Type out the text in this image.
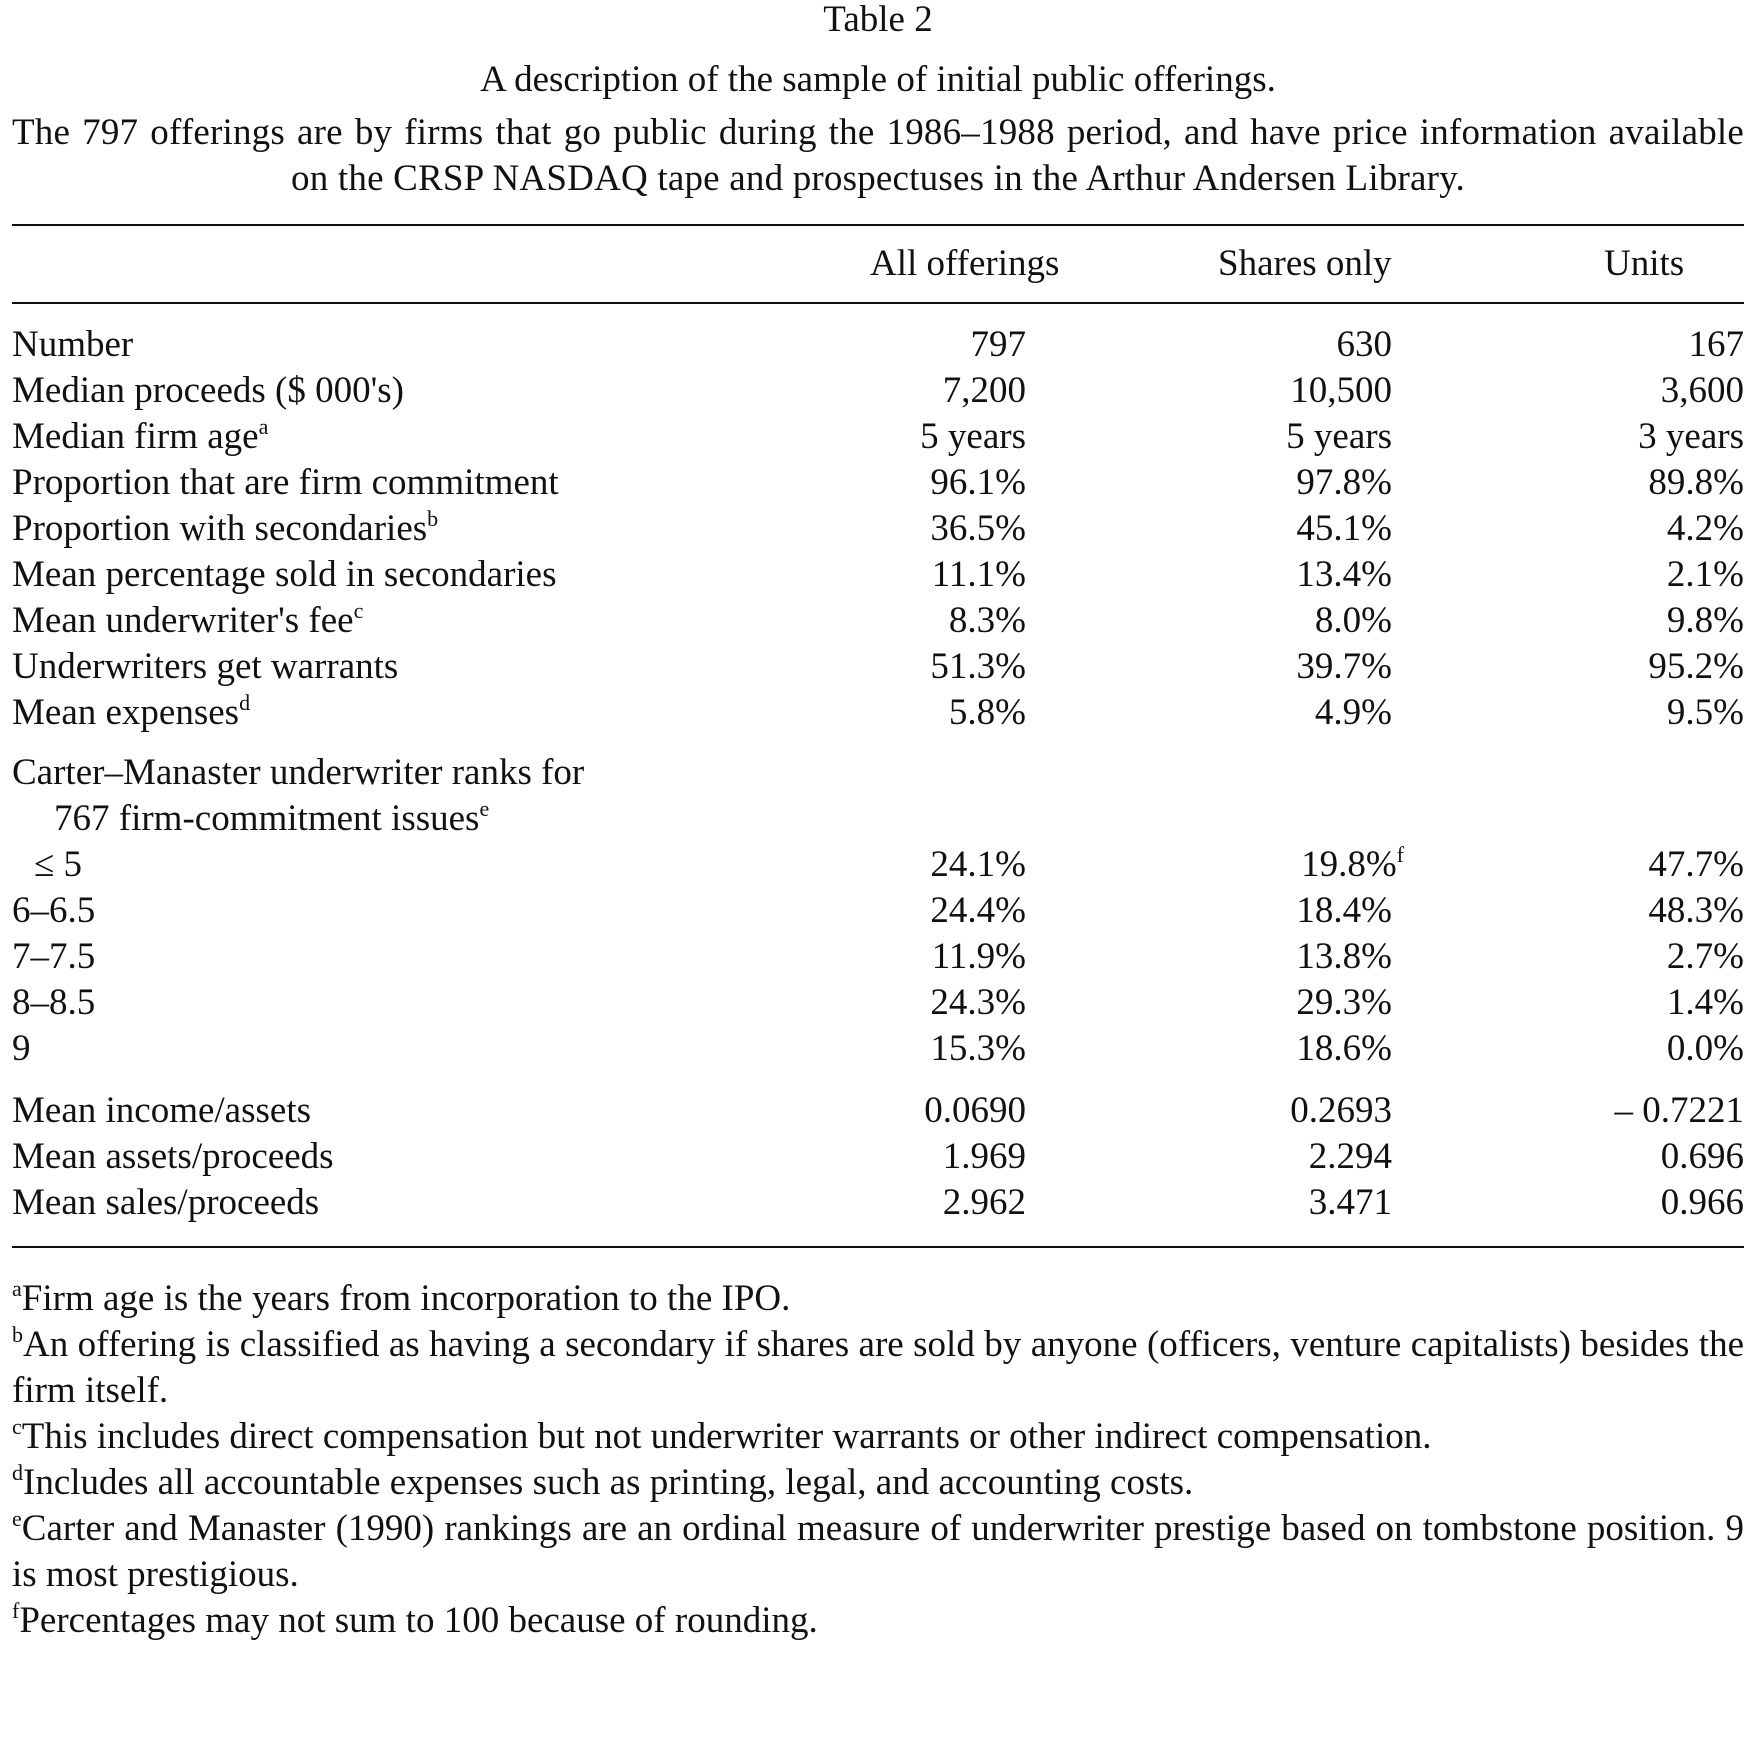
Table 2
A description of the sample of initial public offerings.
The 797 offerings are by firms that go public during the 1986–1988 period, and have price information available on the CRSP NASDAQ tape and prospectuses in the Arthur Andersen Library.
All offerings	Shares only	Units
Number	797	630	167
Median proceeds ($ 000's)	7,200	10,500	3,600
Median firm age$^a$	5 years	5 years	3 years
Proportion that are firm commitment	96.1%	97.8%	89.8%
Proportion with secondaries$^b$	36.5%	45.1%	4.2%
Mean percentage sold in secondaries	11.1%	13.4%	2.1%
Mean underwriter's fee$^c$	8.3%	8.0%	9.8%
Underwriters get warrants	51.3%	39.7%	95.2%
Mean expenses$^d$	5.8%	4.9%	9.5%
Carter–Manaster underwriter ranks for
767 firm-commitment issues$^e$
≤ 5	24.1%	19.8%$^f$	47.7%
6–6.5	24.4%	18.4%	48.3%
7–7.5	11.9%	13.8%	2.7%
8–8.5	24.3%	29.3%	1.4%
9	15.3%	18.6%	0.0%
Mean income/assets	0.0690	0.2693	– 0.7221
Mean assets/proceeds	1.969	2.294	0.696
Mean sales/proceeds	2.962	3.471	0.966
$^a$Firm age is the years from incorporation to the IPO.
$^b$An offering is classified as having a secondary if shares are sold by anyone (officers, venture capitalists) besides the firm itself.
$^c$This includes direct compensation but not underwriter warrants or other indirect compensation.
$^d$Includes all accountable expenses such as printing, legal, and accounting costs.
$^e$Carter and Manaster (1990) rankings are an ordinal measure of underwriter prestige based on tombstone position. 9 is most prestigious.
$^f$Percentages may not sum to 100 because of rounding.
